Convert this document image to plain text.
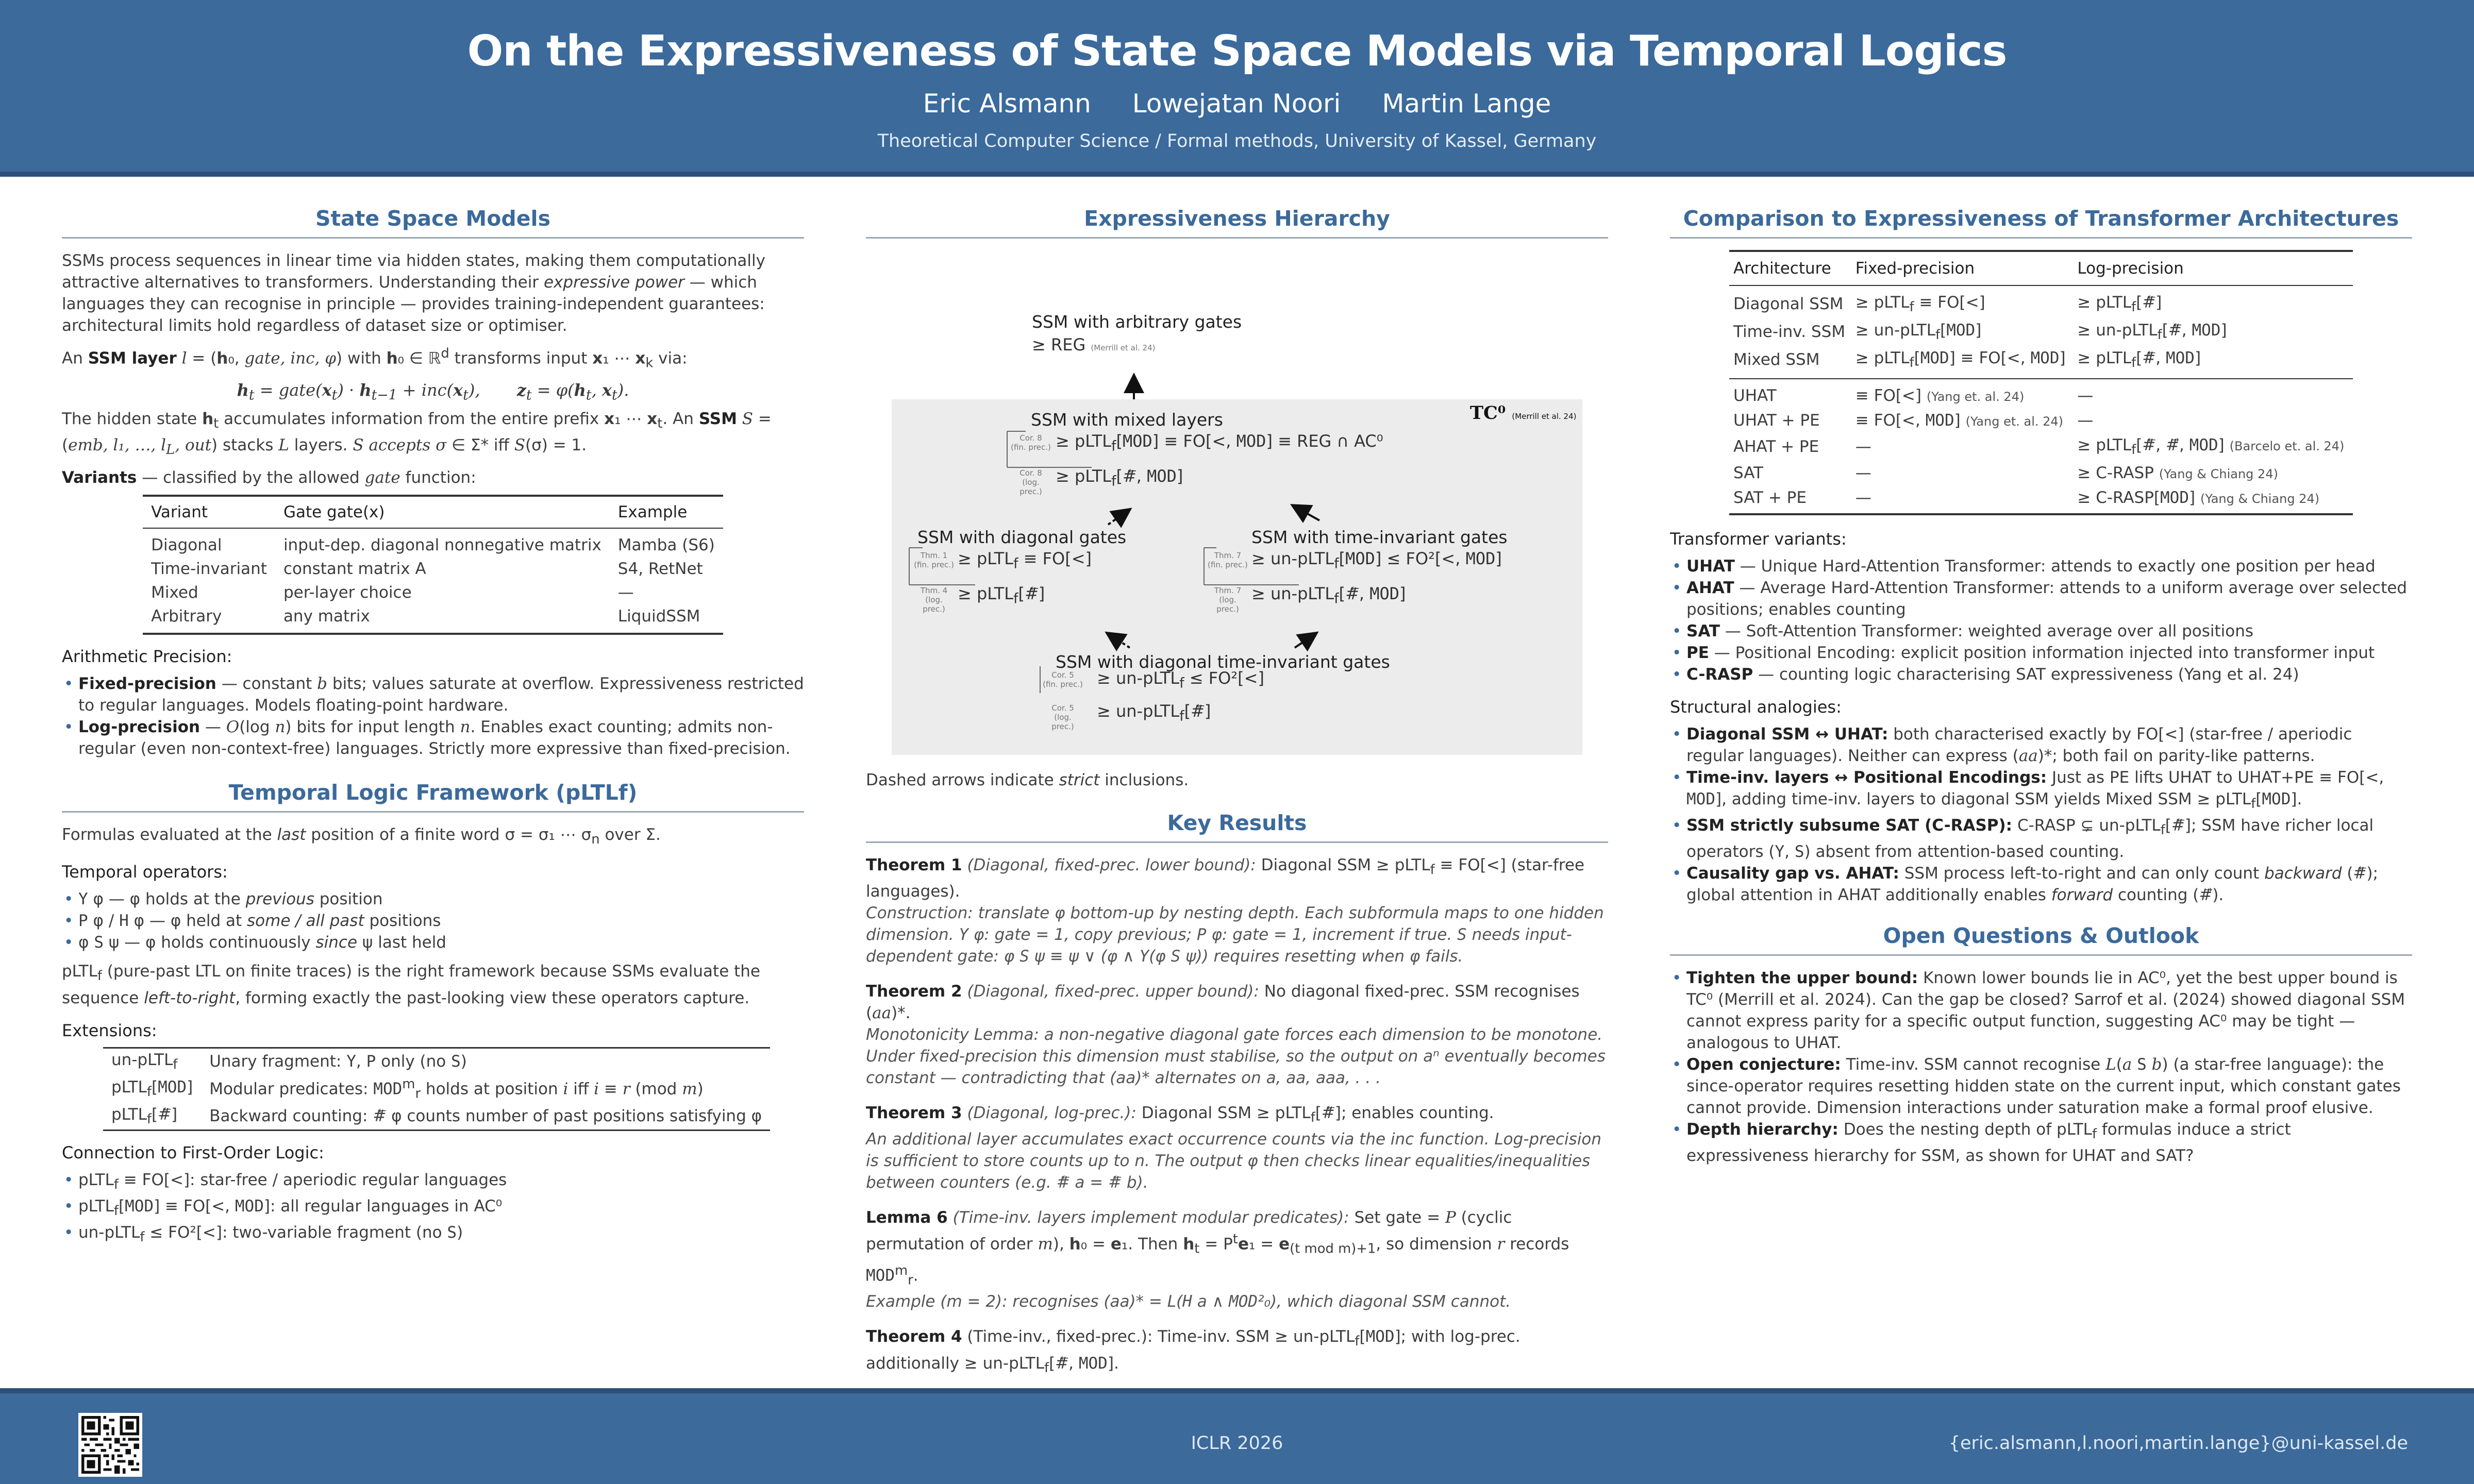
On the Expressiveness of State Space Models via Temporal Logics
Eric Alsmann Lowejatan Noori Martin Lange
Theoretical Computer Science / Formal methods, University of Kassel, Germany
State Space Models
SSMs process sequences in linear time via hidden states, making them computationally attractive alternatives to transformers. Understanding their expressive power — which languages they can recognise in principle — provides training-independent guarantees: architectural limits hold regardless of dataset size or optimiser.
An SSM layer l = (h₀, gate, inc, φ) with h₀ ∈ ℝ$^d$ transforms input x₁ ⋯ $x_k$ via:
$h_t$ = $gate(x_t) \cdot h_{t-1} + inc(x_t)$,       $z_t = \varphi(h_t$, $x_t$).
The hidden state $h_t$ accumulates information from the entire prefix x₁ ⋯ $x_t$. An SSM S = (emb, l₁, …, $l_L$, out) stacks L layers. S accepts σ ∈ Σ* iff S(σ) = 1.
Variants — classified by the allowed gate function:
Variant	Gate gate(x)	Example
Diagonal	input-dep. diagonal nonnegative matrix	Mamba (S6)
Time-invariant	constant matrix A	S4, RetNet
Mixed	per-layer choice	—
Arbitrary	any matrix	LiquidSSM
Arithmetic Precision:
• Fixed-precision — constant b bits; values saturate at overflow. Expressiveness restricted to regular languages. Models floating-point hardware.
• Log-precision — O(log n) bits for input length n. Enables exact counting; admits non-regular (even non-context-free) languages. Strictly more expressive than fixed-precision.
Temporal Logic Framework (pLTLf)
Formulas evaluated at the last position of a finite word σ = σ₁ ⋯ $\sigma_n$ over Σ.
Temporal operators:
• Y φ — φ holds at the previous position
• P φ / H φ — φ held at some / all past positions
• φ S ψ — φ holds continuously since ψ last held
pLTL$_f$ (pure-past LTL on finite traces) is the right framework because SSMs evaluate the sequence left-to-right, forming exactly the past-looking view these operators capture.
Extensions:
un-pLTL$_f$	Unary fragment: Y, P only (no S)
pLTL$_f$[MOD]	Modular predicates: $MOD^m_r$ holds at position i iff i ≡ r (mod m)
pLTL$_f$[#⃖]	Backward counting: #⃖ φ counts number of past positions satisfying φ
Connection to First-Order Logic:
• pLTL$_f$ ≡ FO[<]: star-free / aperiodic regular languages
• pLTL$_f$[MOD] ≡ FO[<, MOD]: all regular languages in AC⁰
• un-pLTL$_f$ ≤ FO²[<]: two-variable fragment (no S)
Expressiveness Hierarchy
SSM with arbitrary gates
≥ REG (Merrill et al. 24)
SSM with mixed layers	TC⁰ (Merrill et al. 24)
Cor. 8
(fin. prec.) ≥ pLTL$_f$[MOD] ≡ FO[<, MOD] ≡ REG ∩ AC⁰
Cor. 8
(log. prec.)
≥ pLTL$_f$[#⃖, MOD]
SSM with diagonal gates
Thm. 1
(fin. prec.) ≥ pLTL$_f$ ≡ FO[<]
Thm. 4
(log. prec.)
≥ pLTL$_f$[#⃖]
SSM with time-invariant gates
Thm. 7
(fin. prec.) ≥ un-pLTL$_f$[MOD] ≤ FO²[<, MOD]
Thm. 7
(log. prec.)
≥ un-pLTL$_f$[#⃖, MOD]
SSM with diagonal time-invariant gates
Cor. 5
(fin. prec.) ≥ un-pLTL$_f$ ≤ FO²[<]
Cor. 5
(log. prec.)
≥ un-pLTL$_f$[#⃖]
Dashed arrows indicate strict inclusions.
Key Results
Theorem 1 (Diagonal, fixed-prec. lower bound): Diagonal SSM ≥ pLTL$_f$ ≡ FO[<] (star-free languages).
Construction: translate φ bottom-up by nesting depth. Each subformula maps to one hidden dimension. Y φ: gate = 1, copy previous; P φ: gate = 1, increment if true. S needs input-dependent gate: φ S ψ ≡ ψ ∨ (φ ∧ Y(φ S ψ)) requires resetting when φ fails.
Theorem 2 (Diagonal, fixed-prec. upper bound): No diagonal fixed-prec. SSM recognises (aa)*.
Monotonicity Lemma: a non-negative diagonal gate forces each dimension to be monotone. Under fixed-precision this dimension must stabilise, so the output on aⁿ eventually becomes constant — contradicting that (aa)* alternates on a, aa, aaa, . . .
Theorem 3 (Diagonal, log-prec.): Diagonal SSM ≥ pLTL$_f$[#⃖]; enables counting.
An additional layer accumulates exact occurrence counts via the inc function. Log-precision is sufficient to store counts up to n. The output φ then checks linear equalities/inequalities between counters (e.g. #⃖ a = #⃖ b).
Lemma 6 (Time-inv. layers implement modular predicates): Set gate = P (cyclic permutation of order m), h₀ = e₁. Then $h_t = P^te_1 = e_{(t mod m)+1}$, so dimension r records $MOD^m_r$.
Example (m = 2): recognises (aa)* = L(H a ∧ MOD²₀), which diagonal SSM cannot.
Theorem 4 (Time-inv., fixed-prec.): Time-inv. SSM ≥ un-pLTL$_f$[MOD]; with log-prec. additionally ≥ un-pLTL$_f$[#⃖, MOD].
Comparison to Expressiveness of Transformer Architectures
Architecture	Fixed-precision	Log-precision
Diagonal SSM	≥ pLTL$_f$ ≡ FO[<]	≥ pLTL$_f$[#⃖]
Time-inv. SSM	≥ un-pLTL$_f$[MOD]	≥ un-pLTL$_f$[#⃖, MOD]
Mixed SSM	≥ pLTL$_f$[MOD] ≡ FO[<, MOD]	≥ pLTL$_f$[#⃖, MOD]
UHAT	≡ FO[<] (Yang et. al. 24)	—
UHAT + PE	≡ FO[<, MOD] (Yang et. al. 24)	—
AHAT + PE	—	≥ pLTL$_f$[#⃖, #⃗, MOD] (Barcelo et. al. 24)
SAT	—	≥ C-RASP (Yang & Chiang 24)
SAT + PE	—	≥ C-RASP[MOD] (Yang & Chiang 24)
Transformer variants:
• UHAT — Unique Hard-Attention Transformer: attends to exactly one position per head
• AHAT — Average Hard-Attention Transformer: attends to a uniform average over selected positions; enables counting
• SAT — Soft-Attention Transformer: weighted average over all positions
• PE — Positional Encoding: explicit position information injected into transformer input
• C-RASP — counting logic characterising SAT expressiveness (Yang et al. 24)
Structural analogies:
• Diagonal SSM ↔ UHAT: both characterised exactly by FO[<] (star-free / aperiodic regular languages). Neither can express (aa)*; both fail on parity-like patterns.
• Time-inv. layers ↔ Positional Encodings: Just as PE lifts UHAT to UHAT+PE ≡ FO[<, MOD], adding time-inv. layers to diagonal SSM yields Mixed SSM ≥ pLTL$_f$[MOD].
• SSM strictly subsume SAT (C-RASP): C-RASP ⊊ un-pLTL$_f$[#⃖]; SSM have richer local operators (Y, S) absent from attention-based counting.
• Causality gap vs. AHAT: SSM process left-to-right and can only count backward (#⃖); global attention in AHAT additionally enables forward counting (#⃗).
Open Questions & Outlook
• Tighten the upper bound: Known lower bounds lie in AC⁰, yet the best upper bound is TC⁰ (Merrill et al. 2024). Can the gap be closed? Sarrof et al. (2024) showed diagonal SSM cannot express parity for a specific output function, suggesting AC⁰ may be tight — analogous to UHAT.
• Open conjecture: Time-inv. SSM cannot recognise L(a S b) (a star-free language): the since-operator requires resetting hidden state on the current input, which constant gates cannot provide. Dimension interactions under saturation make a formal proof elusive.
• Depth hierarchy: Does the nesting depth of pLTL$_f$ formulas induce a strict expressiveness hierarchy for SSM, as shown for UHAT and SAT?
ICLR 2026	{eric.alsmann,l.noori,martin.lange}@uni-kassel.de
